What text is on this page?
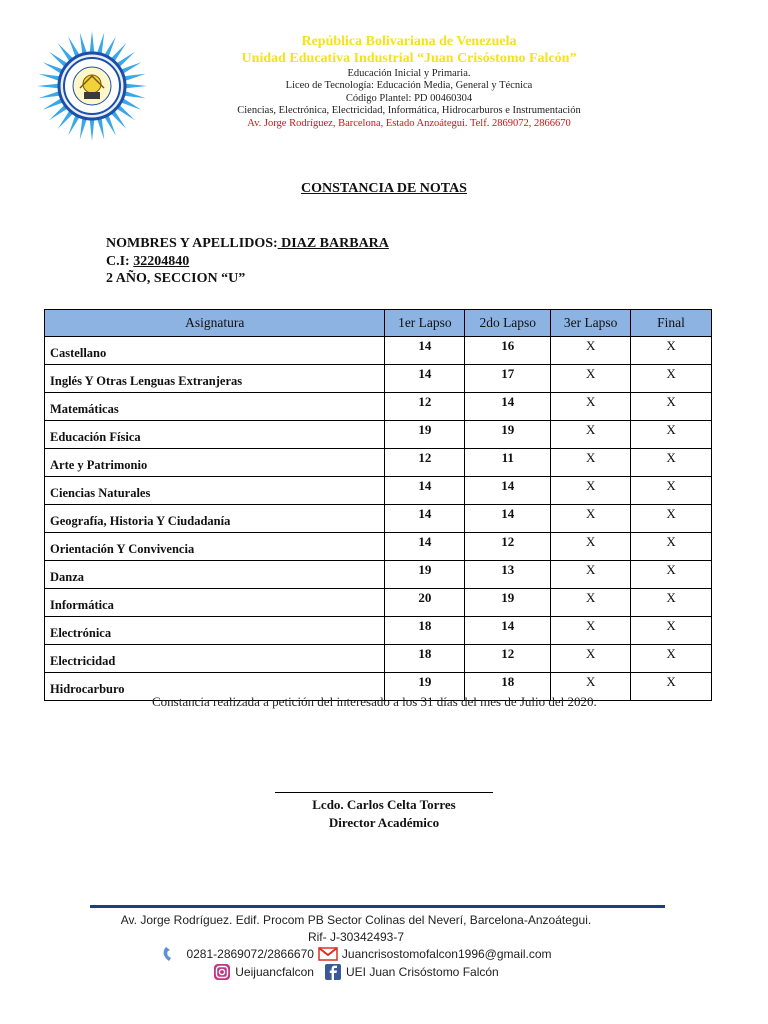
República Bolivariana de Venezuela
Unidad Educativa Industrial “Juan Crisóstomo Falcón”
Educación Inicial y Primaria.
Liceo de Tecnología: Educación Media, General y Técnica
Código Plantel: PD 00460304
Ciencias, Electrónica, Electricidad, Informática, Hidrocarburos e Instrumentación
Av. Jorge Rodríguez, Barcelona, Estado Anzoátegui. Telf. 2869072, 2866670
CONSTANCIA DE NOTAS
NOMBRES Y APELLIDOS: DIAZ BARBARA
C.I: 32204840
2 AÑO, SECCION “U”
Asignatura	1er Lapso	2do Lapso	3er Lapso	Final
Castellano	14	16	X	X
Inglés Y Otras Lenguas Extranjeras	14	17	X	X
Matemáticas	12	14	X	X
Educación Física	19	19	X	X
Arte y Patrimonio	12	11	X	X
Ciencias Naturales	14	14	X	X
Geografía, Historia Y Ciudadanía	14	14	X	X
Orientación Y Convivencia	14	12	X	X
Danza	19	13	X	X
Informática	20	19	X	X
Electrónica	18	14	X	X
Electricidad	18	12	X	X
Hidrocarburo	19	18	X	X
Constancia realizada a petición del interesado a los 31 días del mes de Julio del 2020.
Lcdo. Carlos Celta Torres
Director Académico
Av. Jorge Rodríguez. Edif. Procom PB Sector Colinas del Neverí, Barcelona-Anzoátegui.
Rif- J-30342493-7
0281-2869072/2866670 Juancrisostomofalcon1996@gmail.com
Ueijuancfalcon	UEI Juan Crisóstomo Falcón
